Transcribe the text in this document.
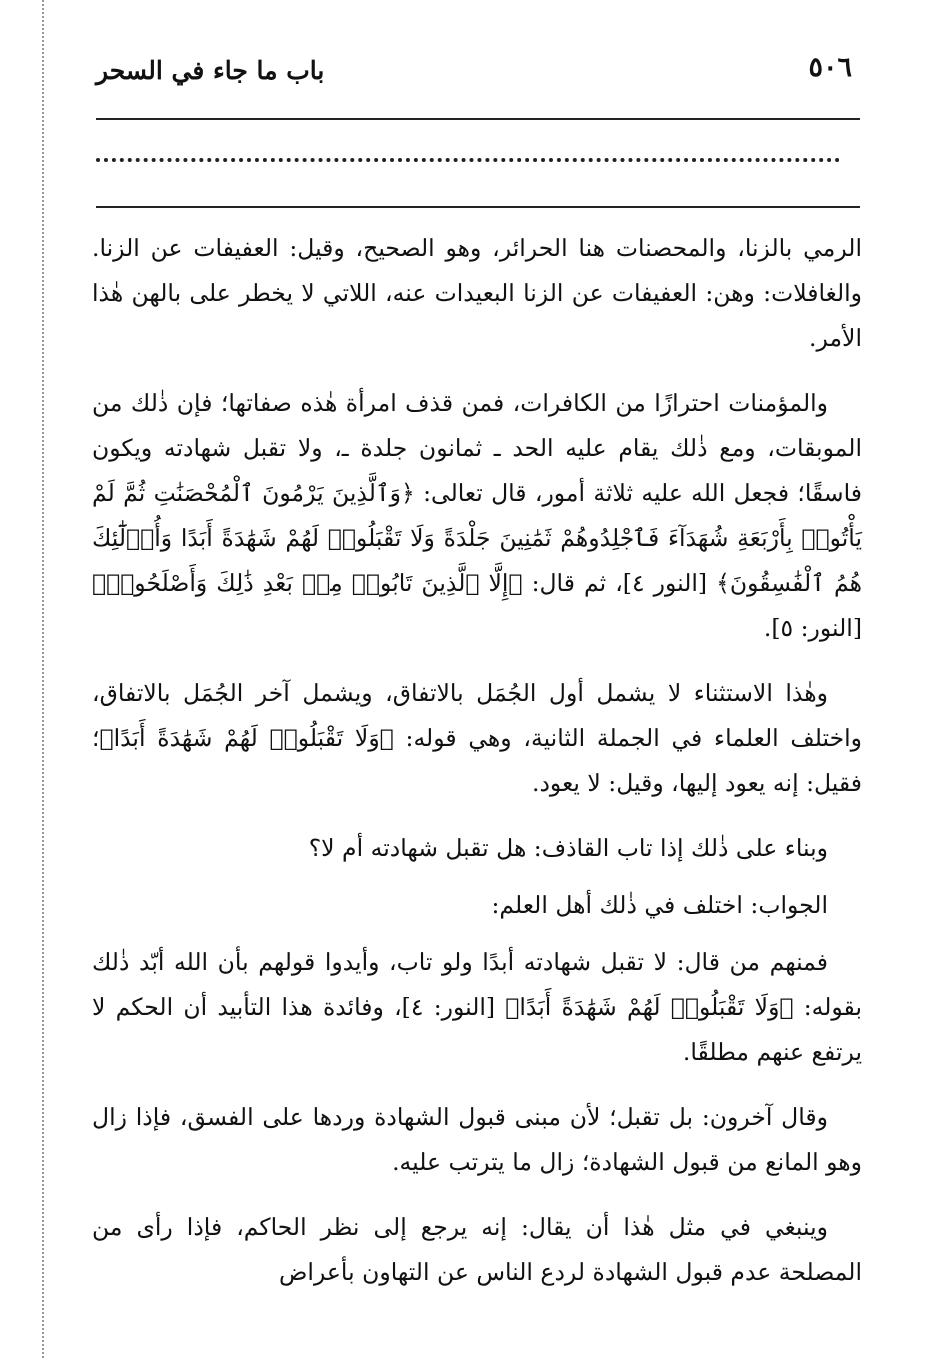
٥٠٦
باب ما جاء في السحر

الرمي بالزنا، والمحصنات هنا الحرائر، وهو الصحيح، وقيل: العفيفات عن الزنا. والغافلات: وهن: العفيفات عن الزنا البعيدات عنه، اللاتي لا يخطر على بالهن هٰذا الأمر.

والمؤمنات احترازًا من الكافرات، فمن قذف امرأة هٰذه صفاتها؛ فإن ذٰلك من الموبقات، ومع ذٰلك يقام عليه الحد ـ ثمانون جلدة ـ، ولا تقبل شهادته ويكون فاسقًا؛ فجعل الله عليه ثلاثة أمور، قال تعالى: ﴿وَٱلَّذِينَ يَرْمُونَ ٱلْمُحْصَنَٰتِ ثُمَّ لَمْ يَأْتُوا۟ بِأَرْبَعَةِ شُهَدَآءَ فَٱجْلِدُوهُمْ ثَمَٰنِينَ جَلْدَةً وَلَا تَقْبَلُوا۟ لَهُمْ شَهَٰدَةً أَبَدًا وَأُو۟لَٰٓئِكَ هُمُ ٱلْفَٰسِقُونَ﴾ [النور ٤]، ثم قال: ﴿إِلَّا ٱلَّذِينَ تَابُوا۟ مِنۢ بَعْدِ ذَٰلِكَ وَأَصْلَحُوا۟﴾ [النور: ٥].

وهٰذا الاستثناء لا يشمل أول الجُمَل بالاتفاق، ويشمل آخر الجُمَل بالاتفاق، واختلف العلماء في الجملة الثانية، وهي قوله: ﴿وَلَا تَقْبَلُوا۟ لَهُمْ شَهَٰدَةً أَبَدًا﴾؛ فقيل: إنه يعود إليها، وقيل: لا يعود.

وبناء على ذٰلك إذا تاب القاذف: هل تقبل شهادته أم لا؟

الجواب: اختلف في ذٰلك أهل العلم:

فمنهم من قال: لا تقبل شهادته أبدًا ولو تاب، وأيدوا قولهم بأن الله أبّد ذٰلك بقوله: ﴿وَلَا تَقْبَلُوا۟ لَهُمْ شَهَٰدَةً أَبَدًا﴾ [النور: ٤]، وفائدة هذا التأبيد أن الحكم لا يرتفع عنهم مطلقًا.

وقال آخرون: بل تقبل؛ لأن مبنى قبول الشهادة وردها على الفسق، فإذا زال وهو المانع من قبول الشهادة؛ زال ما يترتب عليه.

وينبغي في مثل هٰذا أن يقال: إنه يرجع إلى نظر الحاكم، فإذا رأى من المصلحة عدم قبول الشهادة لردع الناس عن التهاون بأعراض
